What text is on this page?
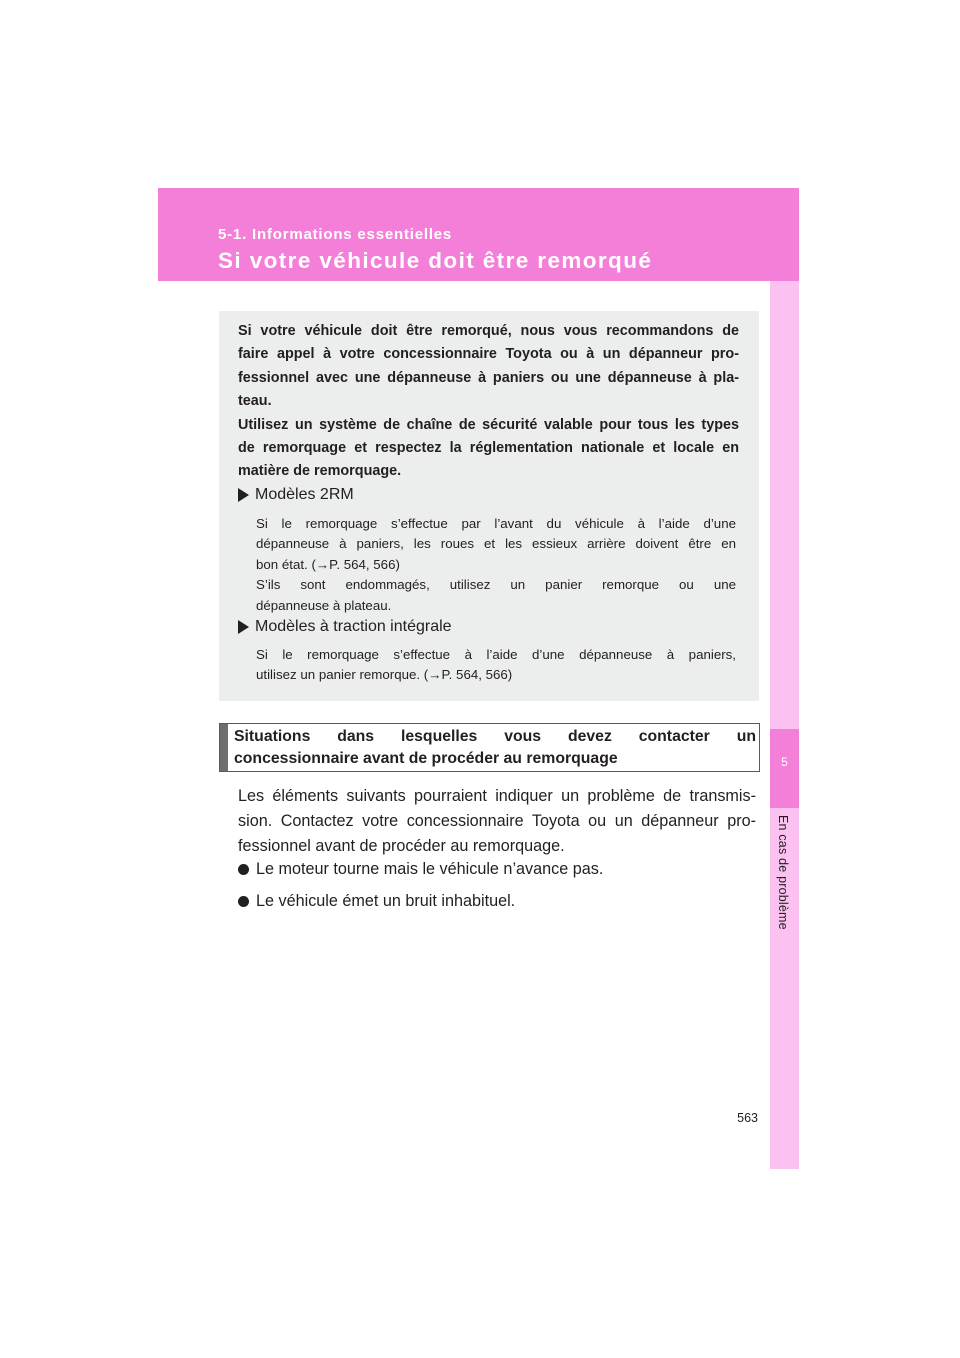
5-1. Informations essentielles
Si votre véhicule doit être remorqué
5
En cas de problème

Si votre véhicule doit être remorqué, nous vous recommandons de

faire appel à votre concessionnaire Toyota ou à un dépanneur pro-

fessionnel avec une dépanneuse à paniers ou une dépanneuse à pla-

teau.

Utilisez un système de chaîne de sécurité valable pour tous les types

de remorquage et respectez la réglementation nationale et locale en

matière de remorquage.

Modèles 2RM

Si le remorquage s’effectue par l’avant du véhicule à l’aide d’une

dépanneuse à paniers, les roues et les essieux arrière doivent être en

bon état. (→P. 564, 566)

S’ils sont endommagés, utilisez un panier remorque ou une

dépanneuse à plateau.

Modèles à traction intégrale

Si le remorquage s’effectue à l’aide d’une dépanneuse à paniers,

utilisez un panier remorque. (→P. 564, 566)

Situations dans lesquelles vous devez contacter un

concessionnaire avant de procéder au remorquage

Les éléments suivants pourraient indiquer un problème de transmis-

sion. Contactez votre concessionnaire Toyota ou un dépanneur pro-

fessionnel avant de procéder au remorquage.

Le moteur tourne mais le véhicule n’avance pas.
Le véhicule émet un bruit inhabituel.
563
